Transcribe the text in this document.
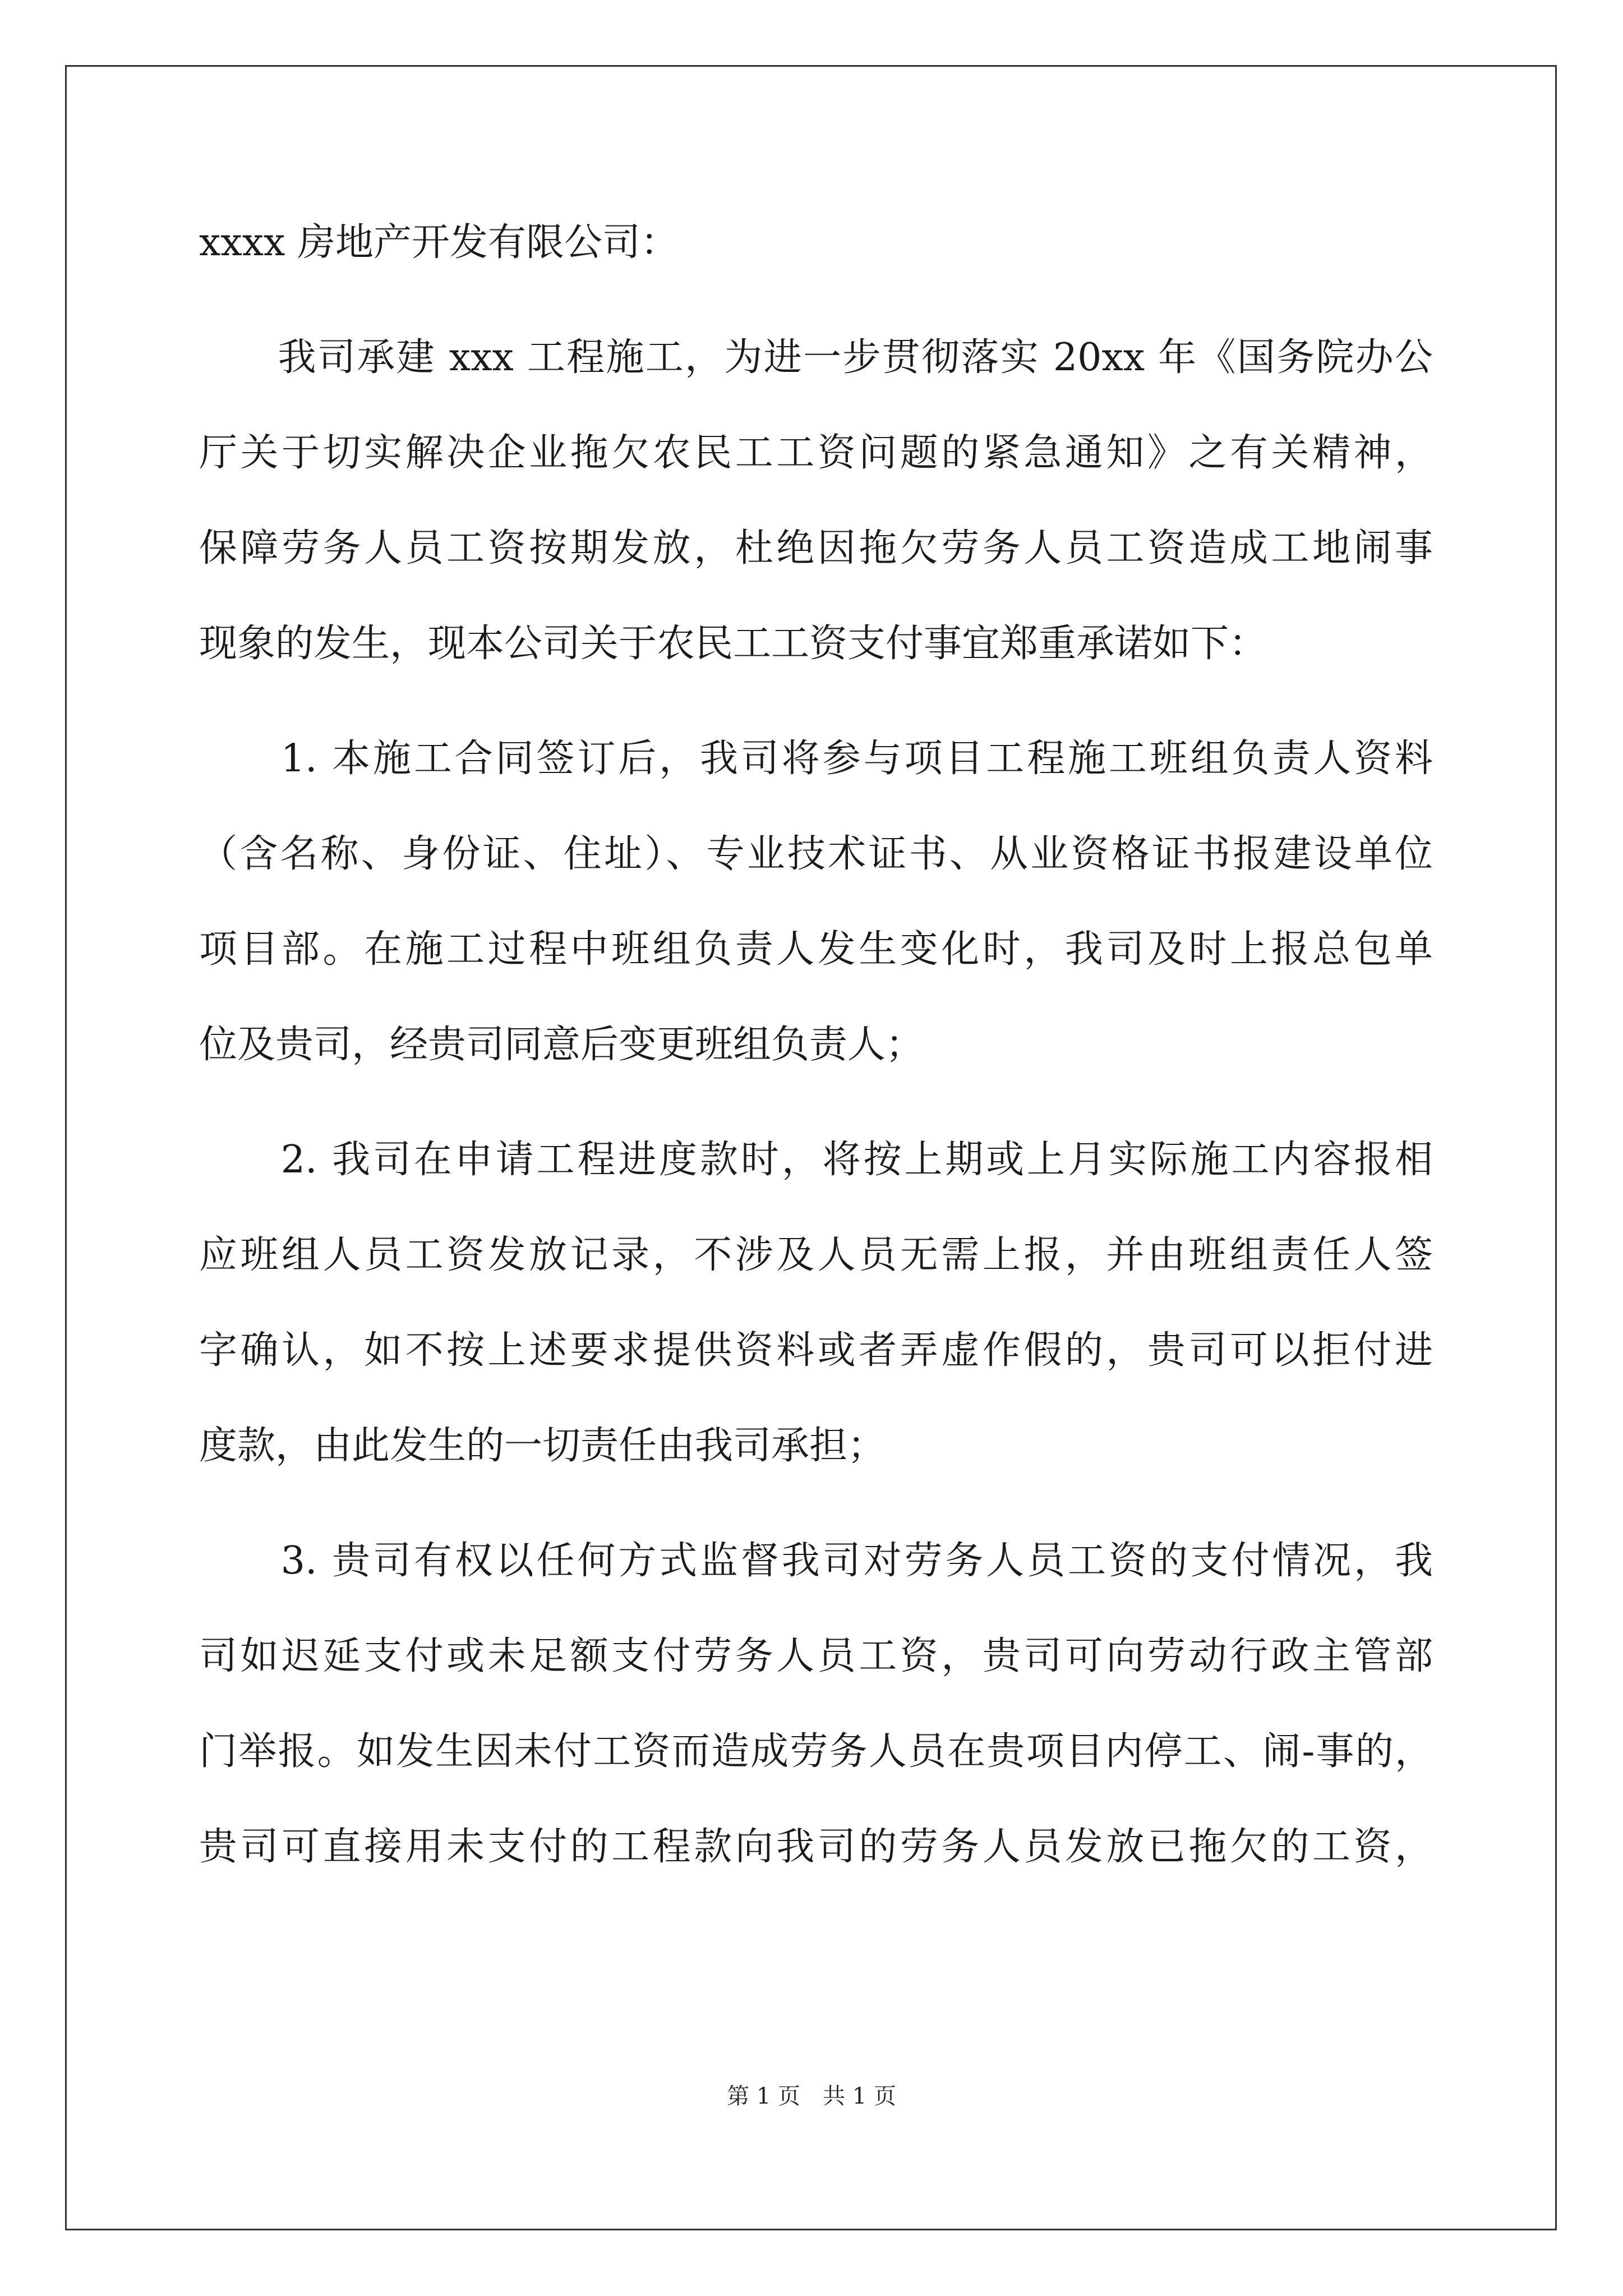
xxxx 房地产开发有限公司：
　　我司承建 xxx 工程施工，为进一步贯彻落实 20xx 年《国务院办公
厅关于切实解决企业拖欠农民工工资问题的紧急通知》之有关精神，
保障劳务人员工资按期发放，杜绝因拖欠劳务人员工资造成工地闹事
现象的发生，现本公司关于农民工工资支付事宜郑重承诺如下：
　　1. 本施工合同签订后，我司将参与项目工程施工班组负责人资料
（含名称、身份证、住址）、专业技术证书、从业资格证书报建设单位
项目部。在施工过程中班组负责人发生变化时，我司及时上报总包单
位及贵司，经贵司同意后变更班组负责人；
　　2. 我司在申请工程进度款时，将按上期或上月实际施工内容报相
应班组人员工资发放记录，不涉及人员无需上报，并由班组责任人签
字确认，如不按上述要求提供资料或者弄虚作假的，贵司可以拒付进
度款，由此发生的一切责任由我司承担；
　　3. 贵司有权以任何方式监督我司对劳务人员工资的支付情况，我
司如迟延支付或未足额支付劳务人员工资，贵司可向劳动行政主管部
门举报。如发生因未付工资而造成劳务人员在贵项目内停工、闹-事的，
贵司可直接用未支付的工程款向我司的劳务人员发放已拖欠的工资，
第 1 页　共 1 页
